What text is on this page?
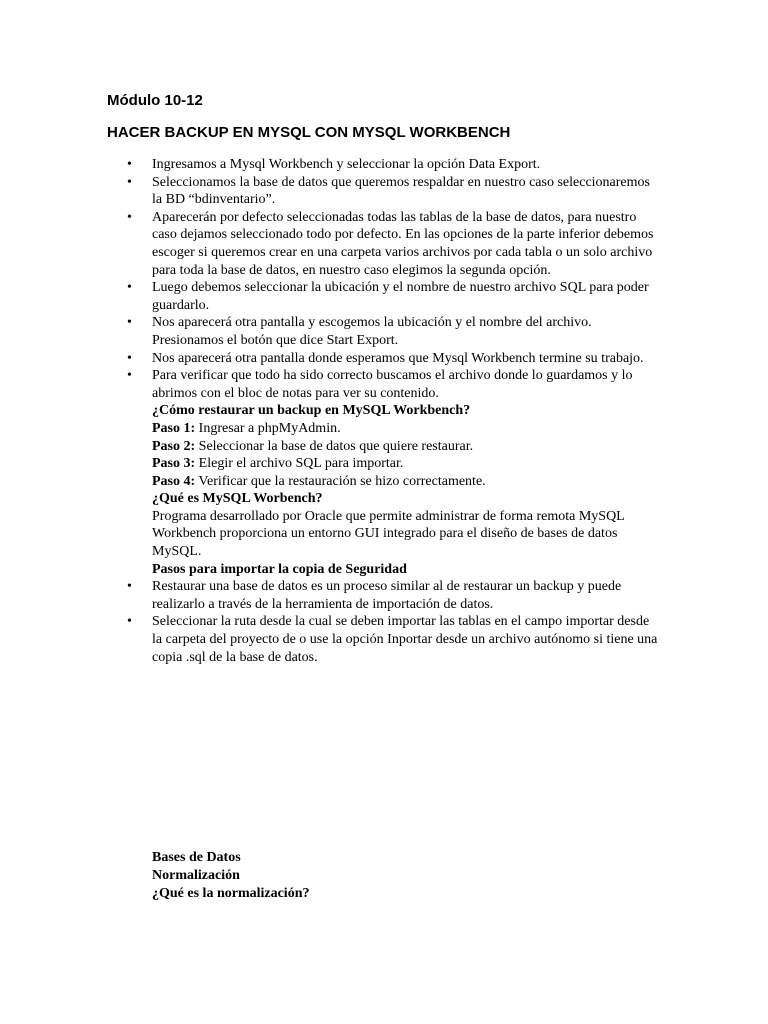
Módulo 10-12
HACER BACKUP EN MYSQL CON MYSQL WORKBENCH
• Ingresamos a Mysql Workbench y seleccionar la opción Data Export.
• Seleccionamos la base de datos que queremos respaldar en nuestro caso seleccionaremos la BD “bdinventario”.
• Aparecerán por defecto seleccionadas todas las tablas de la base de datos, para nuestro caso dejamos seleccionado todo por defecto. En las opciones de la parte inferior debemos escoger si queremos crear en una carpeta varios archivos por cada tabla o un solo archivo para toda la base de datos, en nuestro caso elegimos la segunda opción.
• Luego debemos seleccionar la ubicación y el nombre de nuestro archivo SQL para poder guardarlo.
• Nos aparecerá otra pantalla y escogemos la ubicación y el nombre del archivo. Presionamos el botón que dice Start Export.
• Nos aparecerá otra pantalla donde esperamos que Mysql Workbench termine su trabajo.
• Para verificar que todo ha sido correcto buscamos el archivo donde lo guardamos y lo abrimos con el bloc de notas para ver su contenido.
¿Cómo restaurar un backup en MySQL Workbench?
Paso 1: Ingresar a phpMyAdmin.
Paso 2: Seleccionar la base de datos que quiere restaurar.
Paso 3: Elegir el archivo SQL para importar.
Paso 4: Verificar que la restauración se hizo correctamente.
¿Qué es MySQL Worbench?
Programa desarrollado por Oracle que permite administrar de forma remota MySQL Workbench proporciona un entorno GUI integrado para el diseño de bases de datos MySQL.
Pasos para importar la copia de Seguridad
• Restaurar una base de datos es un proceso similar al de restaurar un backup y puede realizarlo a través de la herramienta de importación de datos.
• Seleccionar la ruta desde la cual se deben importar las tablas en el campo importar desde la carpeta del proyecto de o use la opción Inportar desde un archivo autónomo si tiene una copia .sql de la base de datos.
Bases de Datos
Normalización
¿Qué es la normalización?
